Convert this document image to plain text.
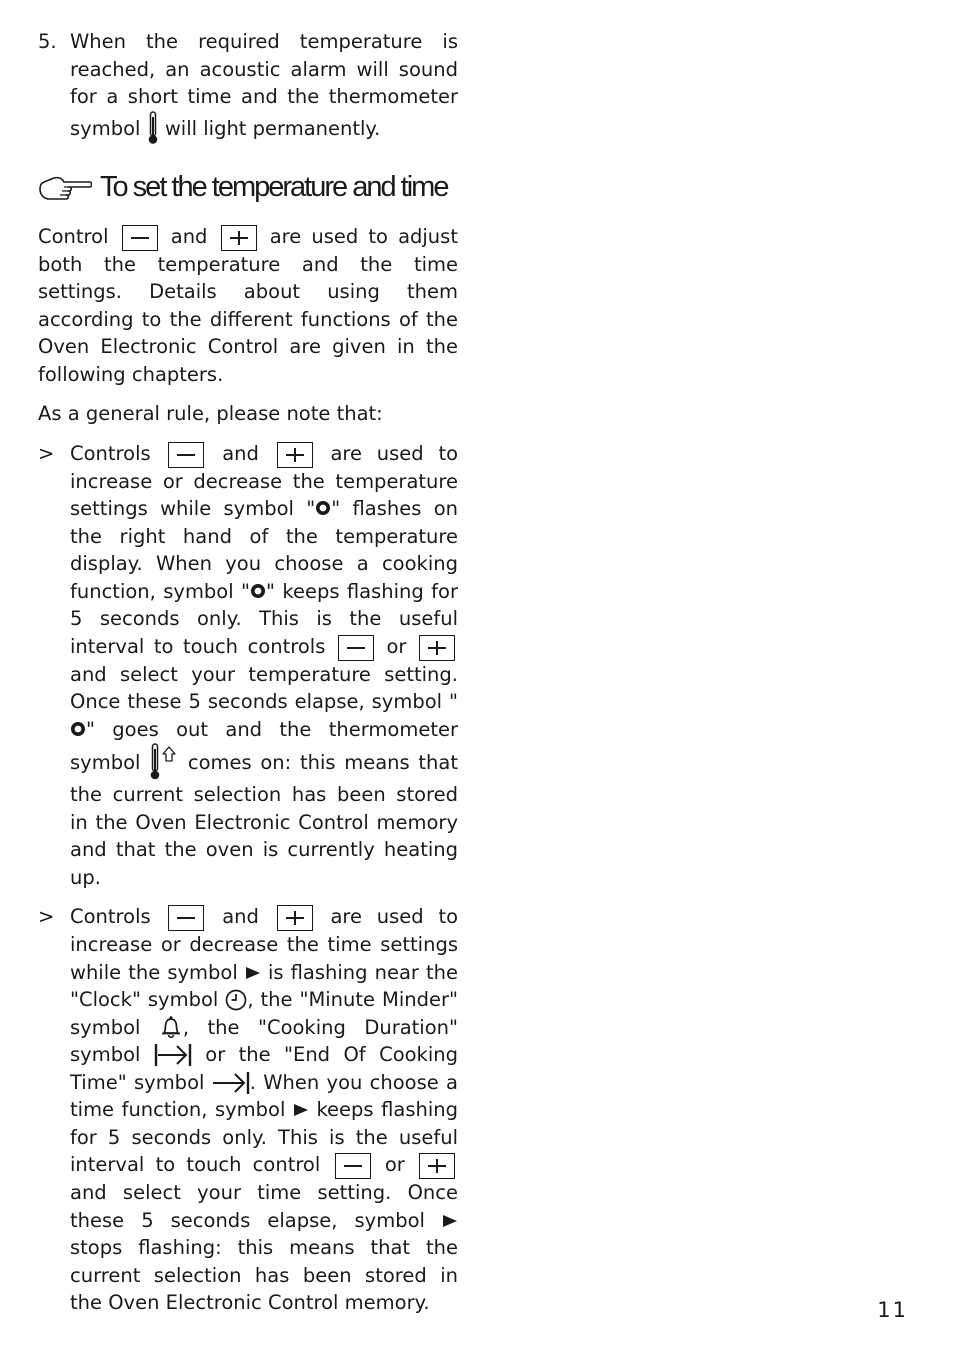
5. When the required temperature is reached, an acoustic alarm will sound for a short time and the thermometer symbol will light permanently.

To set the temperature and time

Control	and	are used to adjust both the temperature and the time settings. Details about using them according to the different functions of the Oven Electronic Control are given in the following chapters.

As a general rule, please note that:

> Controls	and	are used to increase or decrease the temperature settings while symbol " " flashes on the right hand of the temperature display. When you choose a cooking function, symbol " " keeps flashing for 5 seconds only. This is the useful interval to touch controls	or
and select your temperature setting. Once these 5 seconds elapse, symbol "" goes out and the thermometer symbol comes on: this means that the current selection has been stored in the Oven Electronic Control memory and that the oven is currently heating up.

> Controls	and	are used to increase or decrease the time settings while the symbol is flashing near the "Clock" symbol , the "Minute Minder" symbol , the "Cooking Duration" symbol	or the "End Of Cooking Time" symbol . When you choose a time function, symbol keeps flashing for 5 seconds only. This is the useful interval to touch control	or
and select your time setting. Once these 5 seconds elapse, symbol  stops flashing: this means that the current selection has been stored in the Oven Electronic Control memory.	11
